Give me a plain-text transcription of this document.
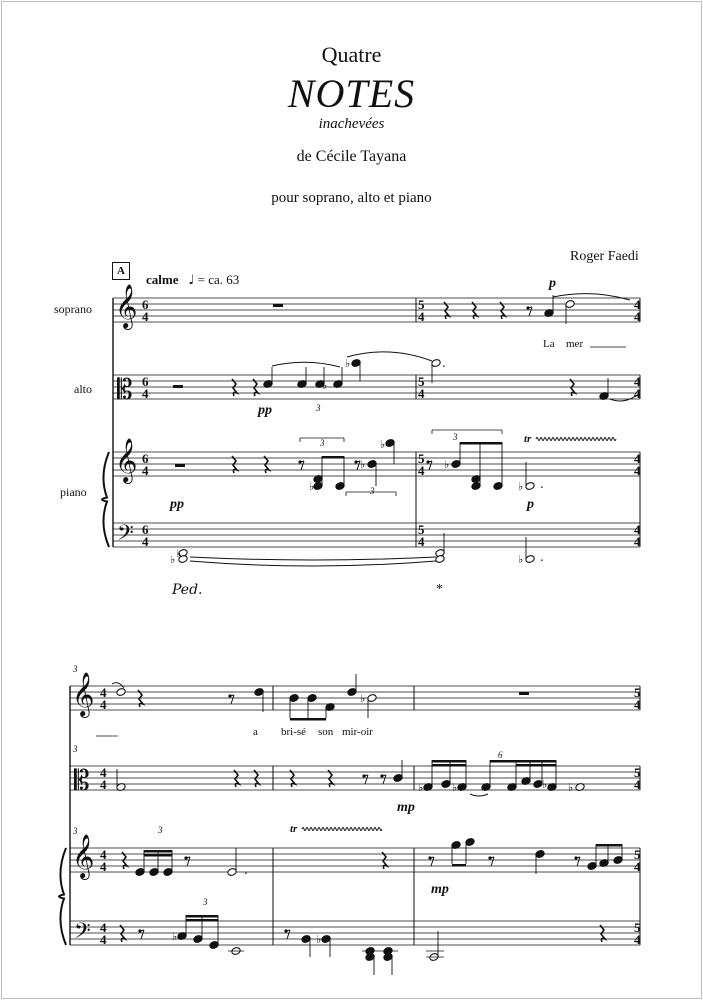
Quatre
NOTES
inachevées
de Cécile Tayana
pour soprano, alto et piano
Roger Faedi
A
calme ♩ = ca. 63
soprano
alto
piano
La mer
p
pp
pp	p
Ped.	*
3
3
3
3
3
3
3
a bri-sé son mir-oir
mp
mp
3
6
3
𝄞
𝄡
𝄞
𝄢
6
4
5
4
4
4
6
4
5
4
4
4
6
4
5
4
4
4
6
4
5
4
4
4
♭
♭	.
♭
♭
♭
♭
♭ .
tr
♭ ♭	♭ .
𝄞
𝄡
𝄞
𝄢
4
4
5
4
4
4
5
4
4
4
5
4
4
4
5
4
♭
♭	♭	♭ ♭
.
tr
♭	♭
